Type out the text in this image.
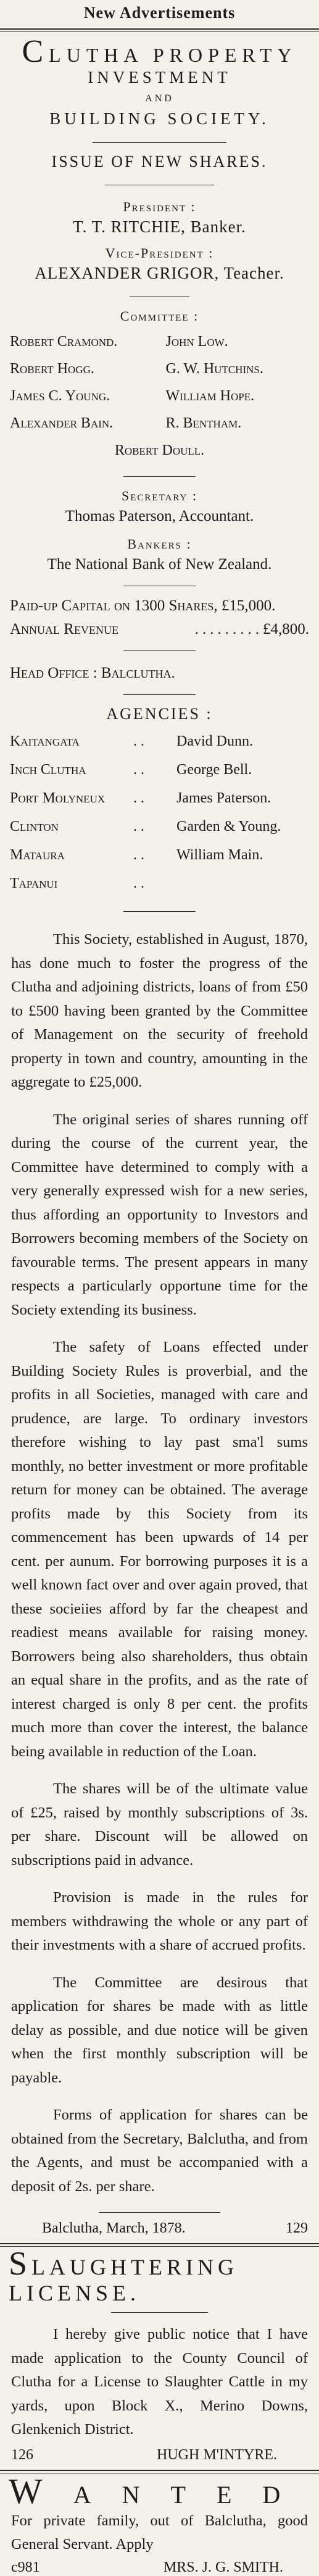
New Advertisements
CLUTHA PROPERTY
INVESTMENT
AND
BUILDING SOCIETY.
ISSUE OF NEW SHARES.
President :
T. T. RITCHIE, Banker.
Vice-President :
ALEXANDER GRIGOR, Teacher.
Committee :
Robert Cramond.	John Low.
Robert Hogg.	G. W. Hutchins.
James C. Young.	William Hope.
Alexander Bain.	R. Bentham.
Robert Doull.
Secretary :
Thomas Paterson, Accountant.
Bankers :
The National Bank of New Zealand.
Paid-up Capital on 1300 Shares, £15,000.
Annual Revenue	......... £4,800.
Head Office : Balclutha.
AGENCIES :
Kaitangata	. .	David Dunn.
Inch Clutha	. .	George Bell.
Port Molyneux	. .	James Paterson.
Clinton	. .	Garden & Young.
Mataura	. .	William Main.
Tapanui	. .

This Society, established in August, 1870, has done much to foster the progress of the Clutha and adjoining districts, loans of from £50 to £500 having been granted by the Committee of Management on the security of freehold property in town and country, amounting in the aggregate to £25,000.

The original series of shares running off during the course of the current year, the Committee have determined to comply with a very generally expressed wish for a new series, thus affording an opportunity to Investors and Borrowers becoming members of the Society on favourable terms. The present appears in many respects a particularly opportune time for the Society extending its business.

The safety of Loans effected under Building Society Rules is proverbial, and the profits in all Societies, managed with care and prudence, are large. To ordinary investors therefore wishing to lay past sma'l sums monthly, no better investment or more profitable return for money can be obtained. The average profits made by this Society from its commencement has been upwards of 14 per cent. per aunum. For borrowing purposes it is a well known fact over and over again proved, that these socieiies afford by far the cheapest and readiest means available for raising money. Borrowers being also shareholders, thus obtain an equal share in the profits, and as the rate of interest charged is only 8 per cent. the profits much more than cover the interest, the balance being available in reduction of the Loan.

The shares will be of the ultimate value of £25, raised by monthly subscriptions of 3s. per share. Discount will be allowed on subscriptions paid in advance.

Provision is made in the rules for members withdrawing the whole or any part of their investments with a share of accrued profits.

The Committee are desirous that application for shares be made with as little delay as possible, and due notice will be given when the first monthly subscription will be payable.

Forms of application for shares can be obtained from the Secretary, Balclutha, and from the Agents, and must be accompanied with a deposit of 2s. per share.

Balclutha, March, 1878.	129
SLAUGHTERING LICENSE.

I hereby give public notice that I have made application to the County Council of Clutha for a License to Slaughter Cattle in my yards, upon Block X., Merino Downs, Glenkenich District.

126	HUGH M'INTYRE.
WANTED

For private family, out of Balclutha, good General Servant. Apply

c981	MRS. J. G. SMITH.
